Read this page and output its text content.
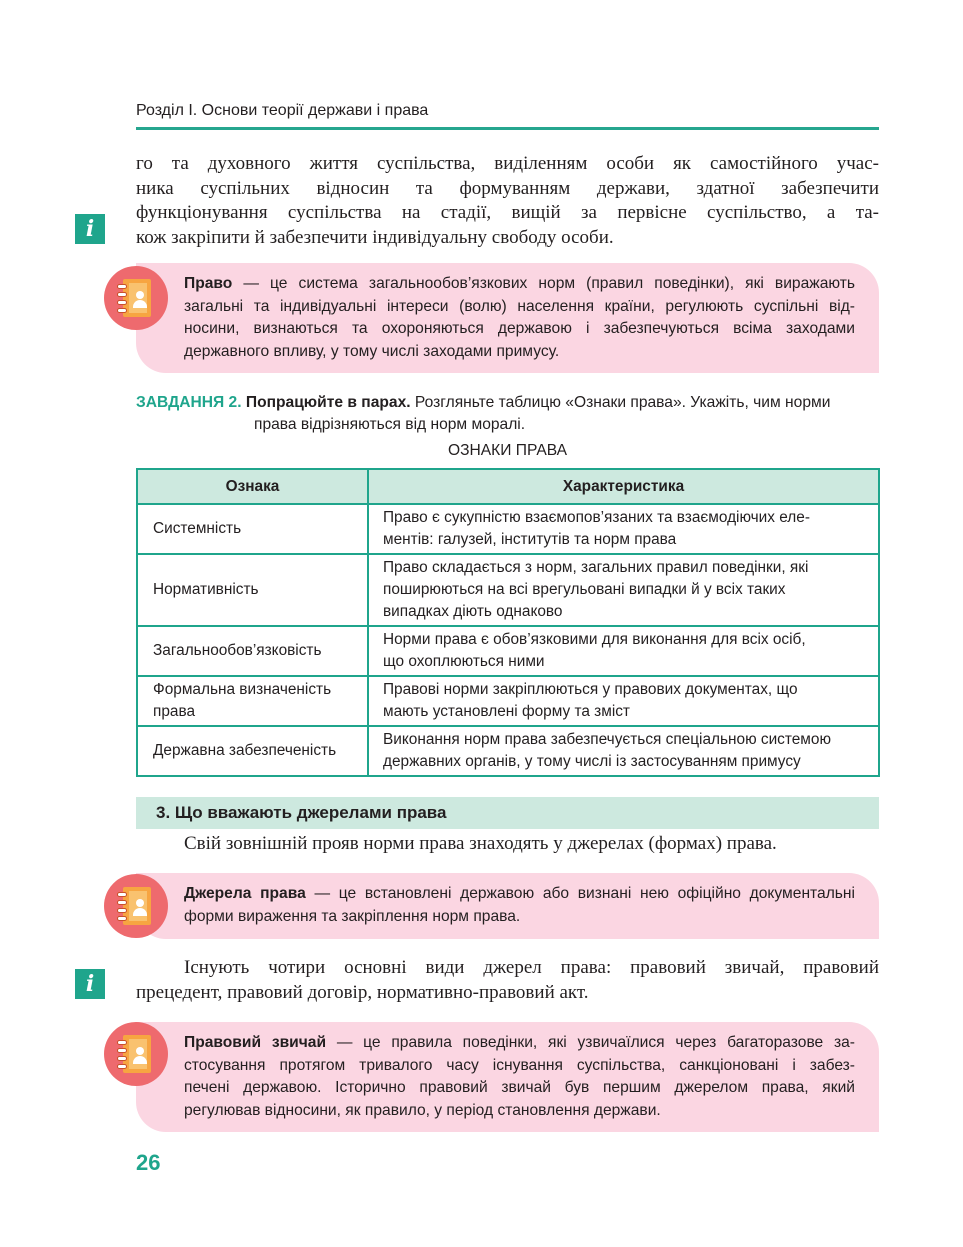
Розділ І. Основи теорії держави і права
i
го та духовного життя суспільства, виділенням особи як самостійного учас-
ника суспільних відносин та формуванням держави, здатної забезпечити
функціонування суспільства на стадії, вищій за первісне суспільство, а та-
кож закріпити й забезпечити індивідуальну свободу особи.
Право — це система загальнообов’язкових норм (правил поведінки), які виражають
загальні та індивідуальні інтереси (волю) населення країни, регулюють суспільні від-
носини, визнаються та охороняються державою і забезпечуються всіма заходами
державного впливу, у тому числі заходами примусу.
ЗАВДАННЯ 2. Попрацюйте в парах. Розгляньте таблицю «Ознаки права». Укажіть, чим норми
права відрізняються від норм моралі.
ОЗНАКИ ПРАВА
Ознака	Характеристика
Системність	Право є сукупністю взаємопов’язаних та взаємодіючих еле-
ментів: галузей, інститутів та норм права

Нормативність	Право складається з норм, загальних правил поведінки, які
поширюються на всі врегульовані випадки й у всіх таких
випадках діють однаково

Загальнообов’язковість	Норми права є обов’язковими для виконання для всіх осіб,
що охоплюються ними

Формальна визначеність права	Правові норми закріплюються у правових документах, що
мають установлені форму та зміст

Державна забезпеченість	Виконання норм права забезпечується спеціальною системою
державних органів, у тому числі із застосуванням примусу
3. Що вважають джерелами права
Свій зовнішній прояв норми права знаходять у джерелах (формах) права.
Джерела права — це встановлені державою або визнані нею офіційно документальні
форми вираження та закріплення норм права.
i
Існують чотири основні види джерел права: правовий звичай, правовий
прецедент, правовий договір, нормативно-правовий акт.
Правовий звичай — це правила поведінки, які узвичаїлися через багаторазове за-
стосування протягом тривалого часу існування суспільства, санкціоновані і забез-
печені державою. Історично правовий звичай був першим джерелом права, який
регулював відносини, як правило, у період становлення держави.
26
